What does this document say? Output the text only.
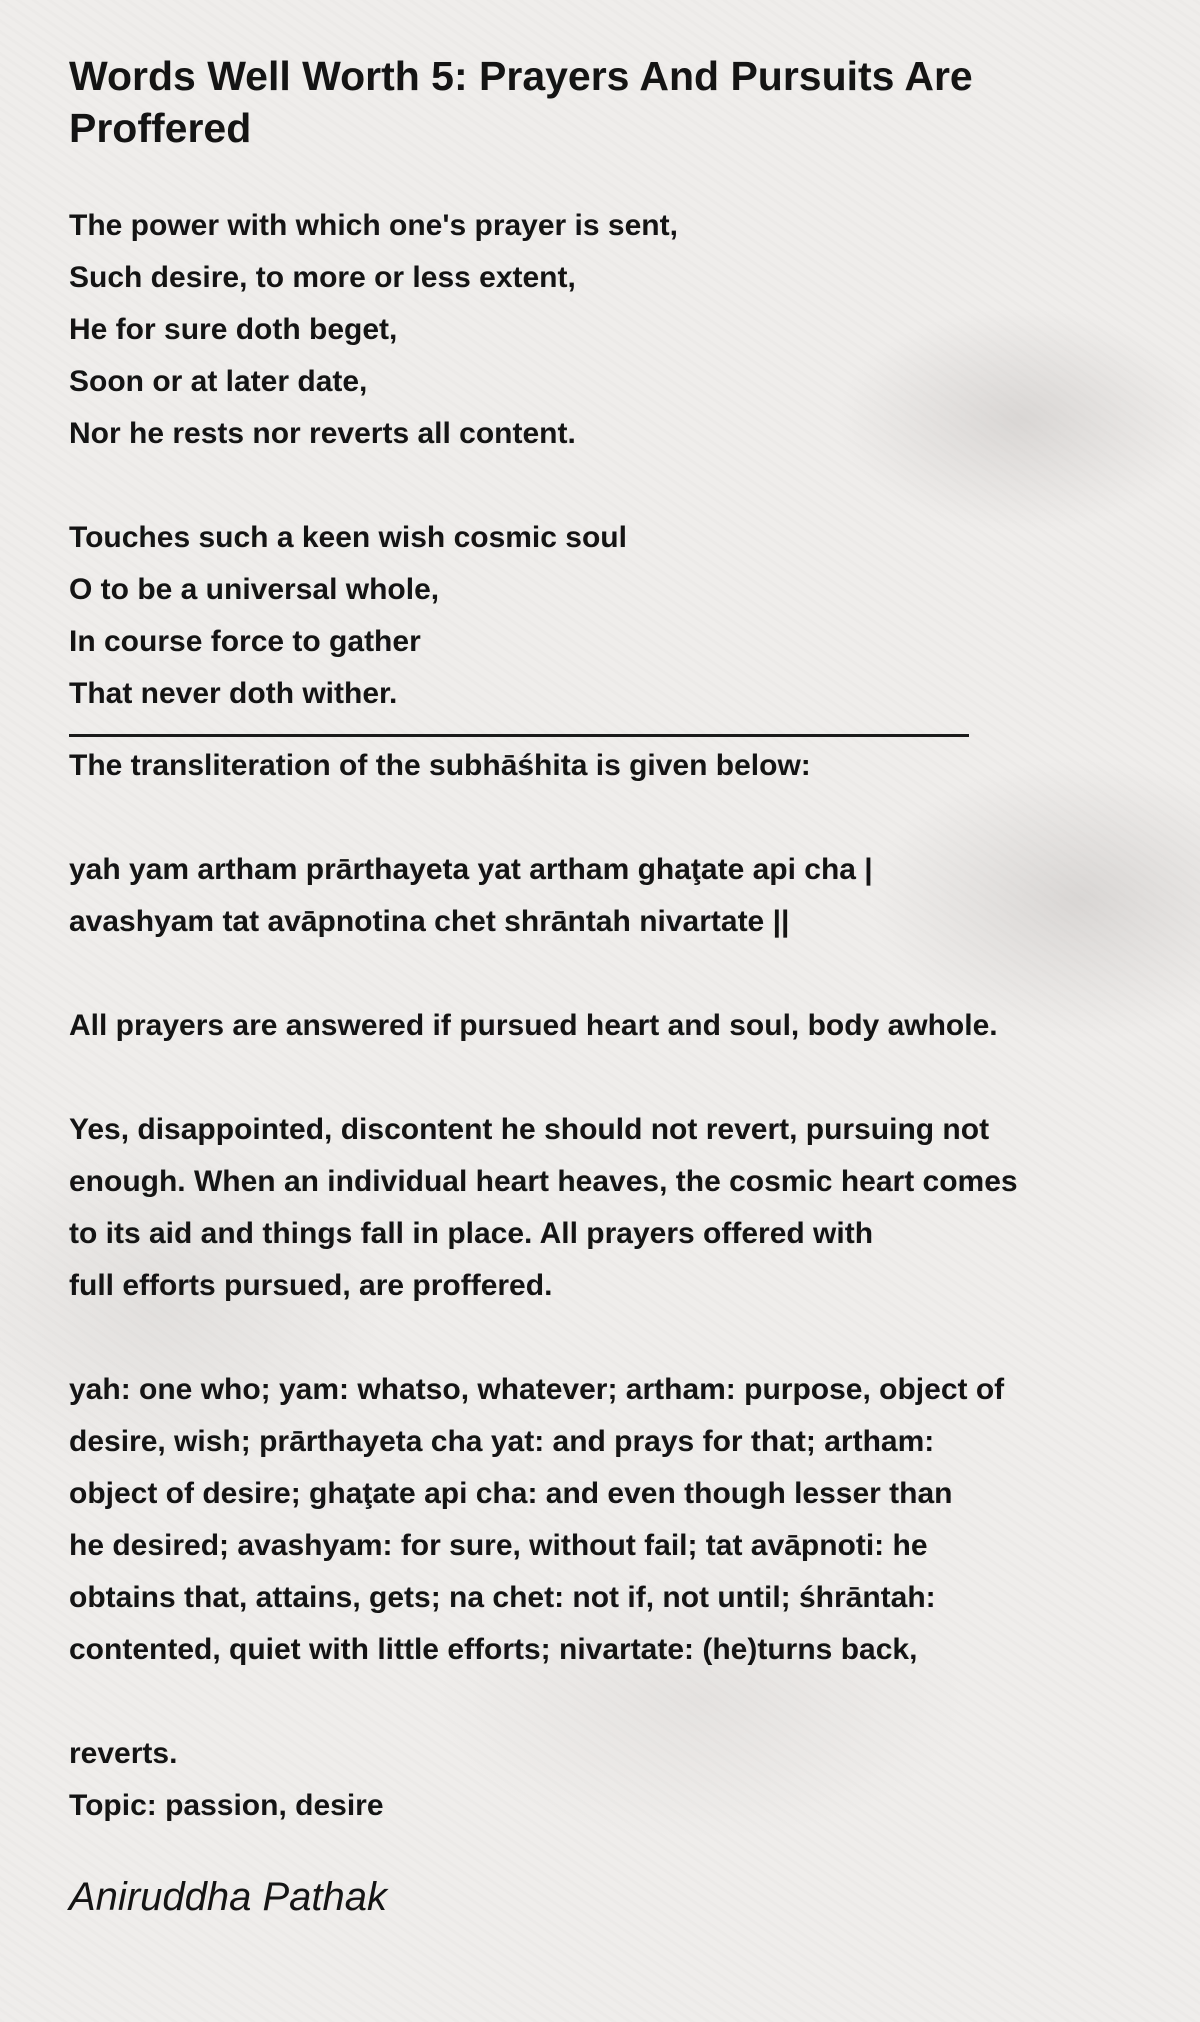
Words Well Worth 5: Prayers And Pursuits Are Proffered
The power with which one's prayer is sent,
Such desire, to more or less extent,
He for sure doth beget,
Soon or at later date,
Nor he rests nor reverts all content.
Touches such a keen wish cosmic soul
O to be a universal whole,
In course force to gather
That never doth wither.
The transliteration of the subhāśhita is given below:
yah yam artham prārthayeta yat artham ghaţate api cha |
avashyam tat avāpnotina chet shrāntah nivartate ||
All prayers are answered if pursued heart and soul, body awhole.
Yes, disappointed, discontent he should not revert, pursuing not
enough. When an individual heart heaves, the cosmic heart comes
to its aid and things fall in place. All prayers offered with
full efforts pursued, are proffered.
yah: one who; yam: whatso, whatever; artham: purpose, object of
desire, wish; prārthayeta cha yat: and prays for that; artham:
object of desire; ghaţate api cha: and even though lesser than
he desired; avashyam: for sure, without fail; tat avāpnoti: he
obtains that, attains, gets; na chet: not if, not until; śhrāntah:
contented, quiet with little efforts; nivartate: (he)turns back,
reverts.
Topic: passion, desire
Aniruddha Pathak
